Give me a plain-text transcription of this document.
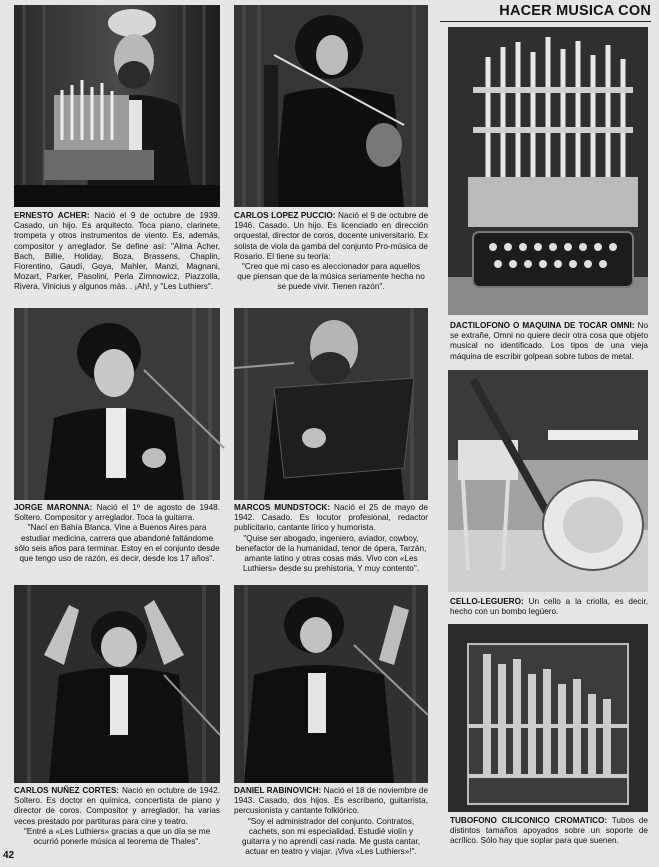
ERNESTO ACHER: Nació el 9 de octubre de 1939. Casado, un hijo. Es arquitecto. Toca piano, clarinete, trompeta y otros instrumentos de viento. Es, además, compositor y arreglador. Se define así: "Alma Acher, Bach, Billie, Holiday, Boza, Brassens, Chaplin, Fiorentino, Gaudí, Goya, Mahler, Manzi, Magnani, Mozart, Parker, Pasolini, Perla Zimnowicz, Piazzolla, Rivera, Vinicius y algunos más. . ¡Ah!, y "Les Luthiers".
JORGE MARONNA: Nació el 1º de agosto de 1948. Soltero. Compositor y arreglador. Toca la guitarra.
"Nací en Bahía Blanca. Vine a Buenos Aires para estudiar medicina, carrera que abandoné faltándome sólo seis años para terminar. Estoy en el conjunto desde que tengo uso de razón, es decir, desde los 17 años".
CARLOS NUÑEZ CORTES: Nació en octubre de 1942. Soltero. Es doctor en química, concertista de piano y director de coros. Compositor y arreglador, ha varias veces prestado por partituras para cine y teatro.
"Entré a «Les Luthiers» gracias a que un día se me ocurrió ponerle música al teorema de Thales".
CARLOS LOPEZ PUCCIO: Nació el 9 de octubre de 1946. Casado. Un hijo. Es licenciado en dirección orquestal, director de coros, docente universitario. Ex solista de viola da gamba del conjunto Pro-música de Rosario. El tiene su teoría:
"Creo que mi caso es aleccionador para aquellos que piensan que de la música seriamente hecha no se puede vivir. Tienen razón".
MARCOS MUNDSTOCK: Nació el 25 de mayo de 1942. Casado. Es locutor profesional, redactor publicitario, cantante lírico y humorista.
"Quise ser abogado, ingeniero, aviador, cowboy, benefactor de la humanidad, tenor de ópera, Tarzán, amante latino y otras cosas más. Vivo con «Les Luthiers» desde su prehistoria, Y muy contento".
DANIEL RABINOVICH: Nació el 18 de noviembre de 1943. Casado, dos hijos. Es escribano, guitarrista, percusionista y cantante folklórico.
"Soy el administrador del conjunto. Contratos, cachets, son mi especialidad. Estudié violín y guitarra y no aprendí casi nada. Me gusta cantar, actuar en teatro y viajar. ¡Viva «Les Luthiers»!".
HACER MUSICA CON
DACTILOFONO O MAQUINA DE TOCAR OMNI: No se extrañe, Omni no quiere decir otra cosa que objeto musical no identificado. Los tipos de una vieja máquina de escribir golpean sobre tubos de metal.
CELLO-LEGUERO: Un cello a la criolla, es decir, hecho con un bombo legüero.
TUBOFONO CILICONICO CROMATICO: Tubos de distintos tamaños apoyados sobre un soporte de acrílico. Sólo hay que soplar para que suenen.
42
